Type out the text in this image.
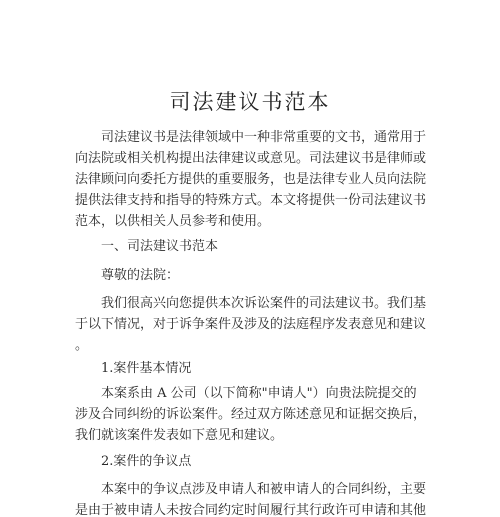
司法建议书范本
司法建议书是法律领域中一种非常重要的文书，通常用于
向法院或相关机构提出法律建议或意见。司法建议书是律师或
法律顾问向委托方提供的重要服务，也是法律专业人员向法院
提供法律支持和指导的特殊方式。本文将提供一份司法建议书
范本，以供相关人员参考和使用。
一、司法建议书范本
尊敬的法院：
我们很高兴向您提供本次诉讼案件的司法建议书。我们基
于以下情况，对于诉争案件及涉及的法庭程序发表意见和建议
。
1.案件基本情况
本案系由 A 公司（以下简称"申请人"）向贵法院提交的
涉及合同纠纷的诉讼案件。经过双方陈述意见和证据交换后，
我们就该案件发表如下意见和建议。
2.案件的争议点
本案中的争议点涉及申请人和被申请人的合同纠纷，主要
是由于被申请人未按合同约定时间履行其行政许可申请和其他
